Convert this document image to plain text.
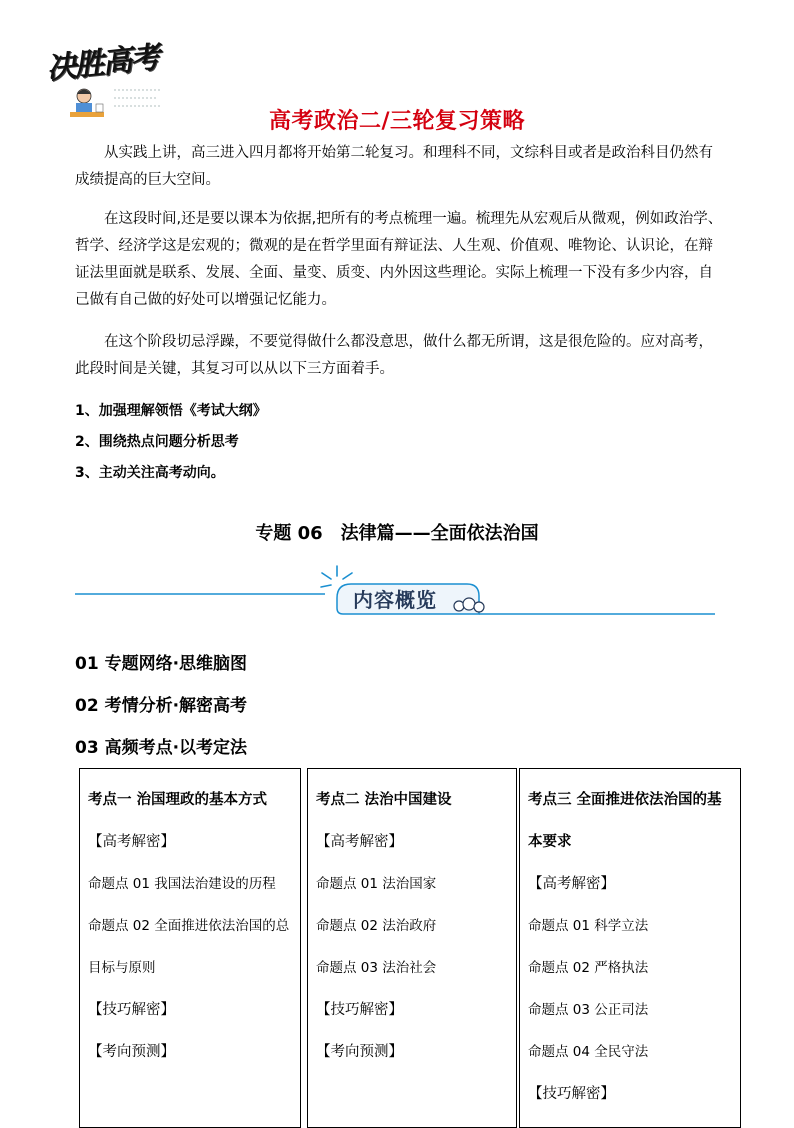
决胜高考
高考政治二/三轮复习策略

从实践上讲，高三进入四月都将开始第二轮复习。和理科不同，文综科目或者是政治科目仍然有成绩提高的巨大空间。

在这段时间,还是要以课本为依据,把所有的考点梳理一遍。梳理先从宏观后从微观，例如政治学、哲学、经济学这是宏观的；微观的是在哲学里面有辩证法、人生观、价值观、唯物论、认识论，在辩证法里面就是联系、发展、全面、量变、质变、内外因这些理论。实际上梳理一下没有多少内容，自己做有自己做的好处可以增强记忆能力。

在这个阶段切忌浮躁，不要觉得做什么都没意思，做什么都无所谓，这是很危险的。应对高考，此段时间是关键，其复习可以从以下三方面着手。

1、加强理解领悟《考试大纲》
2、围绕热点问题分析思考
3、主动关注高考动向。
专题 06　法律篇——全面依法治国
内容概览
01 专题网络·思维脑图
02 考情分析·解密高考
03 高频考点·以考定法

考点一 治国理政的基本方式

【高考解密】

命题点 01 我国法治建设的历程

命题点 02 全面推进依法治国的总目标与原则

【技巧解密】

【考向预测】

考点二 法治中国建设

【高考解密】

命题点 01 法治国家

命题点 02 法治政府

命题点 03 法治社会

【技巧解密】

【考向预测】

考点三 全面推进依法治国的基本要求

【高考解密】

命题点 01 科学立法

命题点 02 严格执法

命题点 03 公正司法

命题点 04 全民守法

【技巧解密】
